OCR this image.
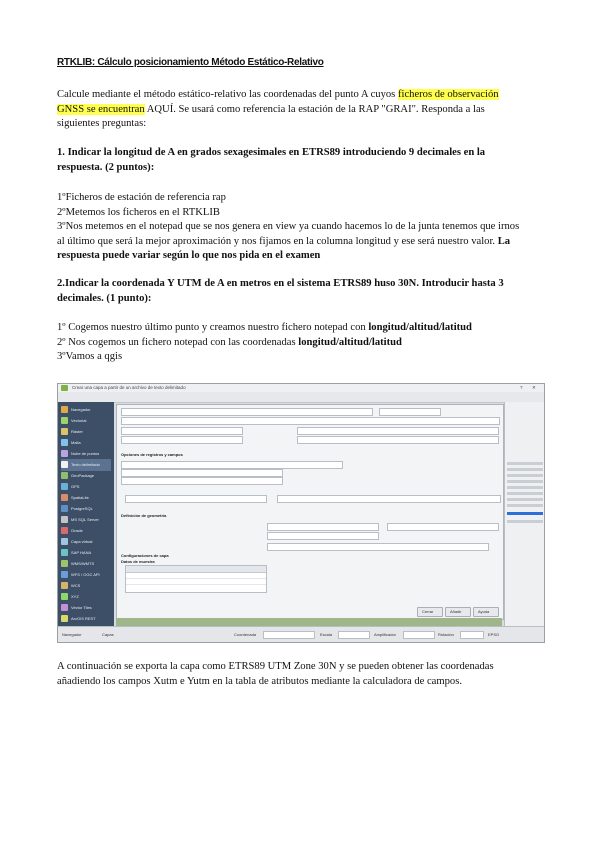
RTKLIB: Cálculo posicionamiento Método Estático-Relativo
Calcule mediante el método estático-relativo las coordenadas del punto A cuyos ficheros de observación
GNSS se encuentran AQUÍ. Se usará como referencia la estación de la RAP "GRAI". Responda a las
siguientes preguntas:
1. Indicar la longitud de A en grados sexagesimales en ETRS89 introduciendo 9 decimales en la
respuesta. (2 puntos):
1ºFicheros de estación de referencia rap
2ºMetemos los ficheros en el RTKLIB
3ºNos metemos en el notepad que se nos genera en view ya cuando hacemos lo de la junta tenemos que irnos
al último que será la mejor aproximación y nos fijamos en la columna longitud y ese será nuestro valor. La
respuesta puede variar según lo que nos pida en el examen
2.Indicar la coordenada Y UTM de A en metros en el sistema ETRS89 huso 30N. Introducir hasta 3
decimales. (1 punto):
1º Cogemos nuestro último punto y creamos nuestro fichero notepad con longitud/altitud/latitud
2º Nos cogemos un fichero notepad con las coordenadas longitud/altitud/latitud
3ºVamos a qgis
Crear una capa a partir de un archivo de texto delimitado	? ✕
Navegador
Vectorial
Ráster
Malla
Nube de puntos
Texto delimitado
GeoPackage
GPS
SpatiaLite
PostgreSQL
MS SQL Server
Oracle
Capa virtual
SAP HANA
WMS/WMTS
WFS / OGC API
WCS
XYZ
Vector Tiles
ArcGIS REST
Opciones de registros y campos
Definición de geometría
Configuraciones de capa
Datos de muestra
Cerrar	Añadir	Ayuda
Navegador	Capas	Coordenada	Escala	Amplificador	Rotación	EPSG
A continuación se exporta la capa como ETRS89 UTM Zone 30N y se pueden obtener las coordenadas
añadiendo los campos Xutm e Yutm en la tabla de atributos mediante la calculadora de campos.
